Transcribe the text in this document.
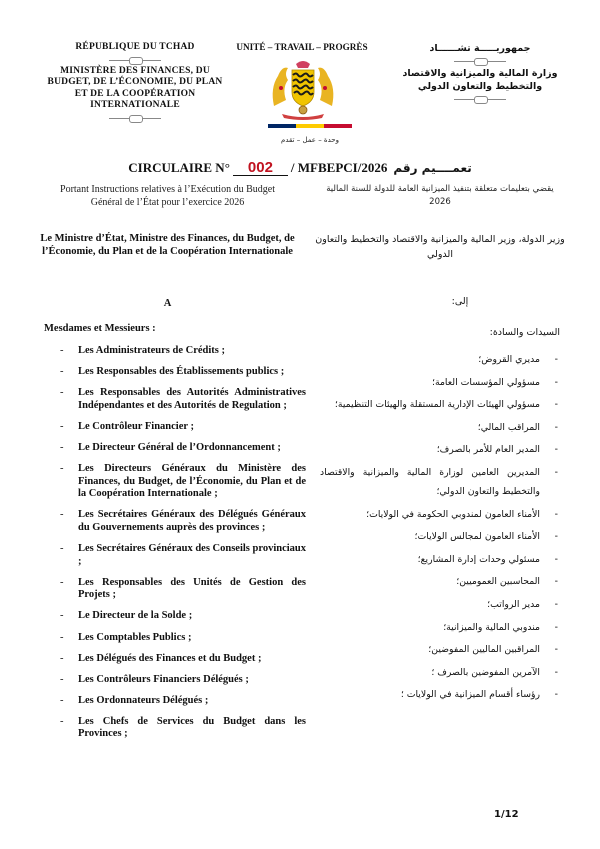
RÉPUBLIQUE DU TCHAD
MINISTÈRE DES FINANCES, DU BUDGET, DE L’ÉCONOMIE, DU PLAN ET DE LA COOPÉRATION INTERNATIONALE
UNITÉ – TRAVAIL – PROGRÈS
وحدة – عمل – تقدم
جمهوريـــــة تشــــــاد
وزارة المالية والميزانية والاقتصاد
والتخطيط والتعاون الدولي
CIRCULAIRE N° 002 / MFBEPCI/2026 تعمــــيم رقم
Portant Instructions relatives à l’Exécution du Budget Général de l’État pour l’exercice 2026
يقضي بتعليمات متعلقة بتنفيذ الميزانية العامة للدولة للسنة المالية 2026
Le Ministre d’État, Ministre des Finances, du Budget, de l’Économie, du Plan et de la Coopération Internationale
وزير الدولة، وزير المالية والميزانية والاقتصاد والتخطيط والتعاون الدولي
A	إلى:
Mesdames et Messieurs :	السيدات والسادة:
- Les Administrateurs de Crédits ;
- Les Responsables des Établissements publics ;
- Les Responsables des Autorités Administratives Indépendantes et des Autorités de Regulation ;
- Le Contrôleur Financier ;
- Le Directeur Général de l’Ordonnancement ;
- Les Directeurs Généraux du Ministère des Finances, du Budget, de l’Économie, du Plan et de la Coopération Internationale ;
- Les Secrétaires Généraux des Délégués Généraux du Gouvernements auprès des provinces ;
- Les Secrétaires Généraux des Conseils provinciaux ;
- Les Responsables des Unités de Gestion des Projets ;
- Le Directeur de la Solde ;
- Les Comptables Publics ;
- Les Délégués des Finances et du Budget ;
- Les Contrôleurs Financiers Délégués ;
- Les Ordonnateurs Délégués ;
- Les Chefs de Services du Budget dans les Provinces ;
- مديري القروض؛
- مسؤولي المؤسسات العامة؛
- مسؤولي الهيئات الإدارية المستقلة والهيئات التنظيمية؛
- المراقب المالي؛
- المدير العام للأمر بالصرف؛
- المديرين العامين لوزارة المالية والميزانية والاقتصاد والتخطيط والتعاون الدولي؛
- الأمناء العامون لمندوبي الحكومة في الولايات؛
- الأمناء العامون لمجالس الولايات؛
- مسئولي وحدات إدارة المشاريع؛
- المحاسبين العموميين؛
- مدير الرواتب؛
- مندوبي المالية والميزانية؛
- المراقبين الماليين المفوضين؛
- الآمرين المفوضين بالصرف ؛
- رؤساء أقسام الميزانية في الولايات ؛
1/12
